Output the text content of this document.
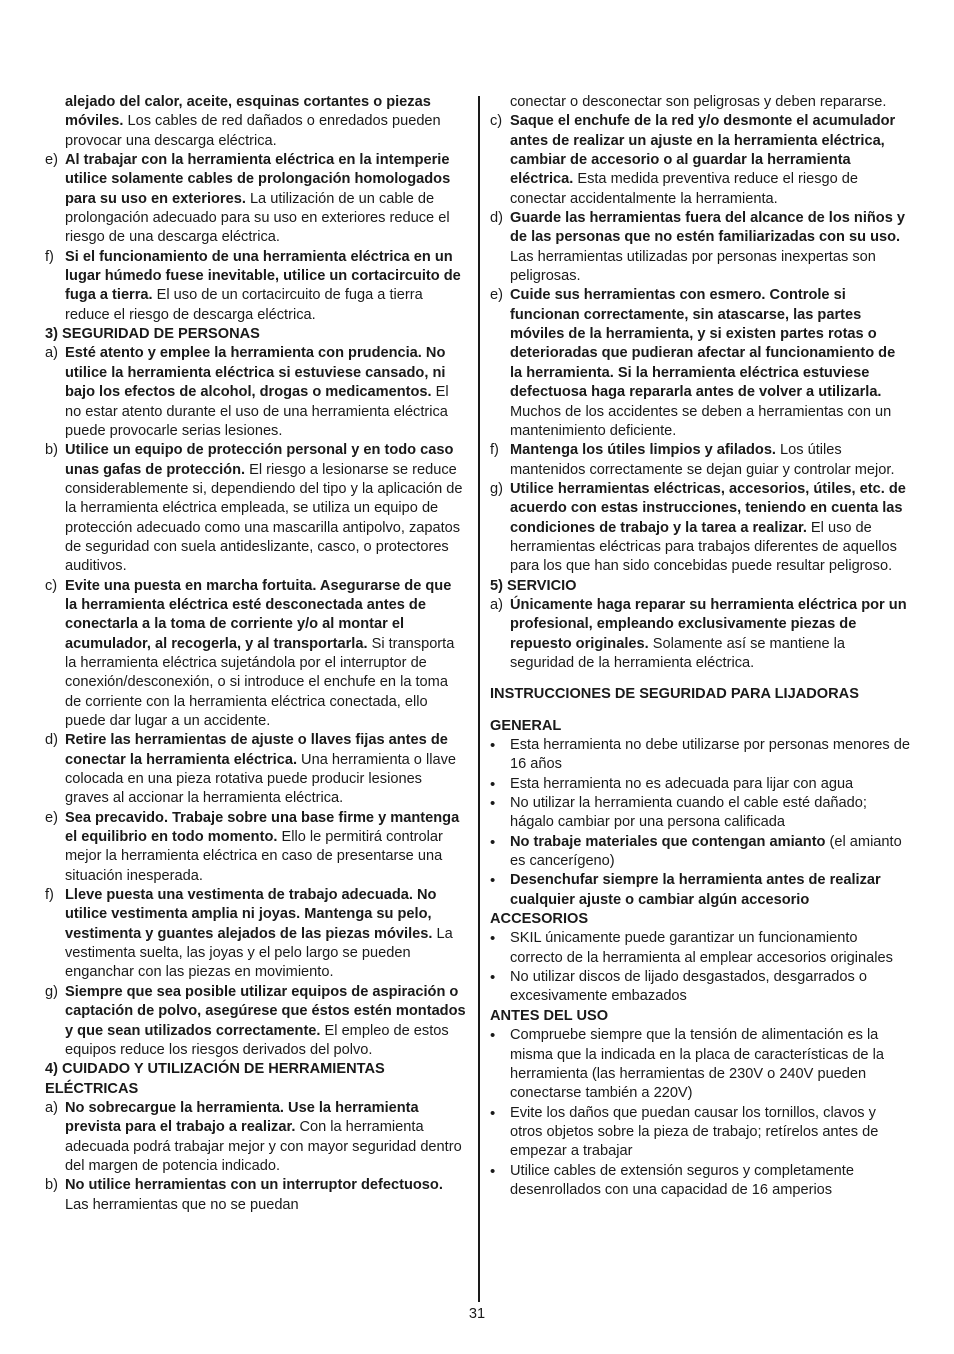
alejado del calor, aceite, esquinas cortantes o piezas móviles. Los cables de red dañados o enredados pueden provocar una descarga eléctrica.
e) Al trabajar con la herramienta eléctrica en la intemperie utilice solamente cables de prolongación homologados para su uso en exteriores. La utilización de un cable de prolongación adecuado para su uso en exteriores reduce el riesgo de una descarga eléctrica.
f) Si el funcionamiento de una herramienta eléctrica en un lugar húmedo fuese inevitable, utilice un cortacircuito de fuga a tierra. El uso de un cortacircuito de fuga a tierra reduce el riesgo de descarga eléctrica.
3) SEGURIDAD DE PERSONAS
a) Esté atento y emplee la herramienta con prudencia. No utilice la herramienta eléctrica si estuviese cansado, ni bajo los efectos de alcohol, drogas o medicamentos. El no estar atento durante el uso de una herramienta eléctrica puede provocarle serias lesiones.
b) Utilice un equipo de protección personal y en todo caso unas gafas de protección. El riesgo a lesionarse se reduce considerablemente si, dependiendo del tipo y la aplicación de la herramienta eléctrica empleada, se utiliza un equipo de protección adecuado como una mascarilla antipolvo, zapatos de seguridad con suela antideslizante, casco, o protectores auditivos.
c) Evite una puesta en marcha fortuita. Asegurarse de que la herramienta eléctrica esté desconectada antes de conectarla a la toma de corriente y/o al montar el acumulador, al recogerla, y al transportarla. Si transporta la herramienta eléctrica sujetándola por el interruptor de conexión/desconexión, o si introduce el enchufe en la toma de corriente con la herramienta eléctrica conectada, ello puede dar lugar a un accidente.
d) Retire las herramientas de ajuste o llaves fijas antes de conectar la herramienta eléctrica. Una herramienta o llave colocada en una pieza rotativa puede producir lesiones graves al accionar la herramienta eléctrica.
e) Sea precavido. Trabaje sobre una base firme y mantenga el equilibrio en todo momento. Ello le permitirá controlar mejor la herramienta eléctrica en caso de presentarse una situación inesperada.
f) Lleve puesta una vestimenta de trabajo adecuada. No utilice vestimenta amplia ni joyas. Mantenga su pelo, vestimenta y guantes alejados de las piezas móviles. La vestimenta suelta, las joyas y el pelo largo se pueden enganchar con las piezas en movimiento.
g) Siempre que sea posible utilizar equipos de aspiración o captación de polvo, asegúrese que éstos estén montados y que sean utilizados correctamente. El empleo de estos equipos reduce los riesgos derivados del polvo.
4) CUIDADO Y UTILIZACIÓN DE HERRAMIENTAS ELÉCTRICAS
a) No sobrecargue la herramienta. Use la herramienta prevista para el trabajo a realizar. Con la herramienta adecuada podrá trabajar mejor y con mayor seguridad dentro del margen de potencia indicado.
b) No utilice herramientas con un interruptor defectuoso. Las herramientas que no se puedan
conectar o desconectar son peligrosas y deben repararse.
c) Saque el enchufe de la red y/o desmonte el acumulador antes de realizar un ajuste en la herramienta eléctrica, cambiar de accesorio o al guardar la herramienta eléctrica. Esta medida preventiva reduce el riesgo de conectar accidentalmente la herramienta.
d) Guarde las herramientas fuera del alcance de los niños y de las personas que no estén familiarizadas con su uso. Las herramientas utilizadas por personas inexpertas son peligrosas.
e) Cuide sus herramientas con esmero. Controle si funcionan correctamente, sin atascarse, las partes móviles de la herramienta, y si existen partes rotas o deterioradas que pudieran afectar al funcionamiento de la herramienta. Si la herramienta eléctrica estuviese defectuosa haga repararla antes de volver a utilizarla. Muchos de los accidentes se deben a herramientas con un mantenimiento deficiente.
f) Mantenga los útiles limpios y afilados. Los útiles mantenidos correctamente se dejan guiar y controlar mejor.
g) Utilice herramientas eléctricas, accesorios, útiles, etc. de acuerdo con estas instrucciones, teniendo en cuenta las condiciones de trabajo y la tarea a realizar. El uso de herramientas eléctricas para trabajos diferentes de aquellos para los que han sido concebidas puede resultar peligroso.
5) SERVICIO
a) Únicamente haga reparar su herramienta eléctrica por un profesional, empleando exclusivamente piezas de repuesto originales. Solamente así se mantiene la seguridad de la herramienta eléctrica.
INSTRUCCIONES DE SEGURIDAD PARA LIJADORAS
GENERAL
•	Esta herramienta no debe utilizarse por personas menores de 16 años
•	Esta herramienta no es adecuada para lijar con agua
•	No utilizar la herramienta cuando el cable esté dañado; hágalo cambiar por una persona calificada
•	No trabaje materiales que contengan amianto (el amianto es cancerígeno)
•	Desenchufar siempre la herramienta antes de realizar cualquier ajuste o cambiar algún accesorio
ACCESORIOS
•	SKIL únicamente puede garantizar un funcionamiento correcto de la herramienta al emplear accesorios originales
•	No utilizar discos de lijado desgastados, desgarrados o excesivamente embazados
ANTES DEL USO
•	Compruebe siempre que la tensión de alimentación es la misma que la indicada en la placa de características de la herramienta (las herramientas de 230V o 240V pueden conectarse también a 220V)
•	Evite los daños que puedan causar los tornillos, clavos y otros objetos sobre la pieza de trabajo; retírelos antes de empezar a trabajar
•	Utilice cables de extensión seguros y completamente desenrollados con una capacidad de 16 amperios
31
